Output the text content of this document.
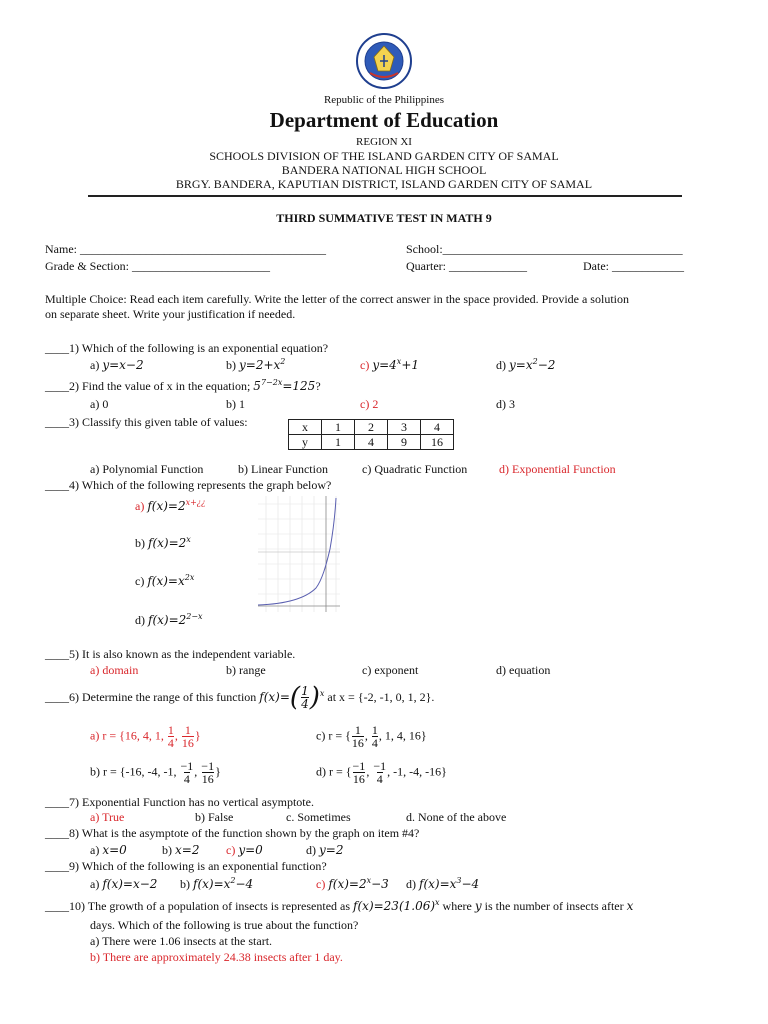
Republic of the Philippines
Department of Education
REGION XI
SCHOOLS DIVISION OF THE ISLAND GARDEN CITY OF SAMAL
BANDERA NATIONAL HIGH SCHOOL
BRGY. BANDERA, KAPUTIAN DISTRICT, ISLAND GARDEN CITY OF SAMAL
THIRD SUMMATIVE TEST IN MATH 9
Name: _________________________________________	School:________________________________________
Grade & Section: _______________________	Quarter: _____________	Date: ____________
Multiple Choice: Read each item carefully. Write the letter of the correct answer in the space provided. Provide a solution
on separate sheet. Write your justification if needed.
____1) Which of the following is an exponential equation?
a) y=x−2	b) $y=2+x^2$	c) $y=4^x+1$	d) $y=x^2-2$
____2) Find the value of x in the equation; $5^{7-2x}=125$?
a) 0	b) 1	c) 2	d) 3
____3) Classify this given table of values:	x	1	2	3	4
y	1	4	9	16
a) Polynomial Function	b) Linear Function	c) Quadratic Function	d) Exponential Function
____4) Which of the following represents the graph below?
a) $f(x)=2^{x+¿¿}$
b) $f(x)=2^x$
c) $f(x)=x^{2x}$
d) $f(x)=2^{2-x}$
____5) It is also known as the independent variable.
a) domain	b) range	c) exponent	d) equation
____6) Determine the range of this function $f(x)=( \frac{1}{4} )^x$ at x = {-2, -1, 0, 1, 2}.
a) r = {16, 4, 1, $\frac{1}{4}$ , $\frac{1}{16}$ }	c) r = { $\frac{1}{16}$ , $\frac{1}{4}$ , 1, 4, 16}
b) r = {-16, -4, -1, $\frac{-1}{4}$ , $\frac{-1}{16}$ }	d) r = { $\frac{-1}{16}$ , $\frac{-1}{4}$ , -1, -4, -16}
____7) Exponential Function has no vertical asymptote.
a) True	b) False	c. Sometimes	d. None of the above
____8) What is the asymptote of the function shown by the graph on item #4?
a) x=0	b) x=2 c) y=0	d) y=2
____9) Which of the following is an exponential function?
a) f(x)=x−2 b) $f(x)=x^2-4$	c) $f(x)=2^x-3$ d) $f(x)=x^3-4$
____10) The growth of a population of insects is represented as $f(x)=23(1.06)^x$ where y is the number of insects after x
days. Which of the following is true about the function?
a) There were 1.06 insects at the start.
b) There are approximately 24.38 insects after 1 day.
